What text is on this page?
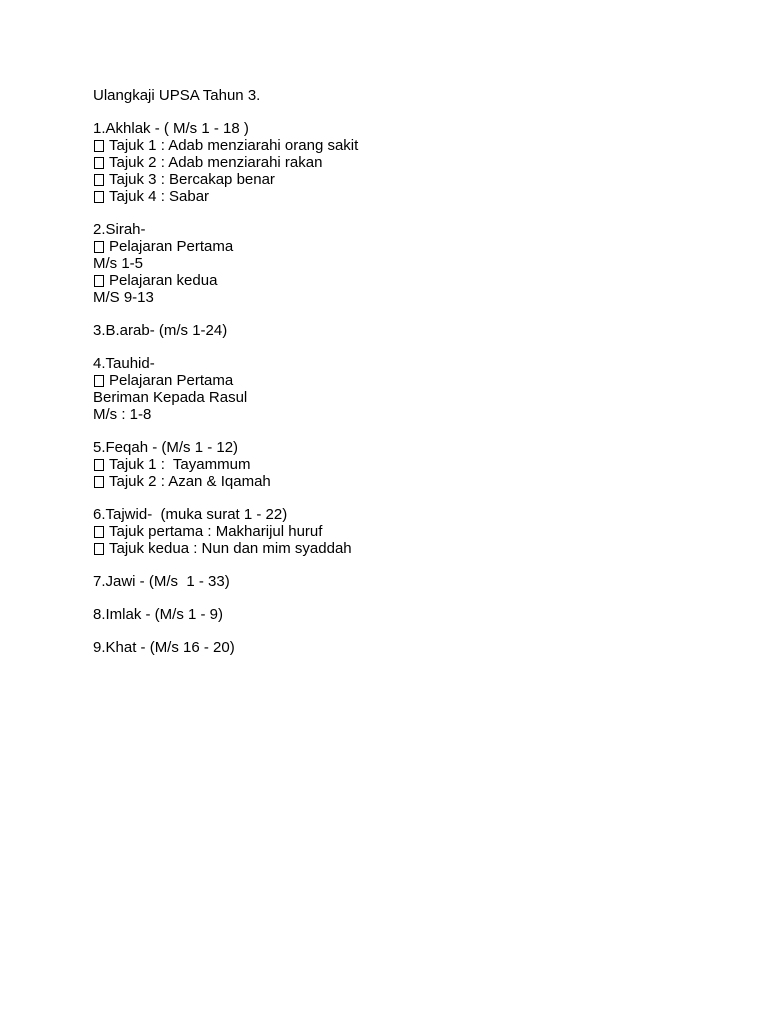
Ulangkaji UPSA Tahun 3.
1.Akhlak - ( M/s 1 - 18 )
Tajuk 1 : Adab menziarahi orang sakit
Tajuk 2 : Adab menziarahi rakan
Tajuk 3 : Bercakap benar
Tajuk 4 : Sabar
2.Sirah-
Pelajaran Pertama
M/s 1-5
Pelajaran kedua
M/S 9-13
3.B.arab- (m/s 1-24)
4.Tauhid-
Pelajaran Pertama
Beriman Kepada Rasul
M/s : 1-8
5.Feqah - (M/s 1 - 12)
Tajuk 1 :  Tayammum
Tajuk 2 : Azan & Iqamah
6.Tajwid-  (muka surat 1 - 22)
Tajuk pertama : Makharijul huruf
Tajuk kedua : Nun dan mim syaddah
7.Jawi - (M/s  1 - 33)
8.Imlak - (M/s 1 - 9)
9.Khat - (M/s 16 - 20)
